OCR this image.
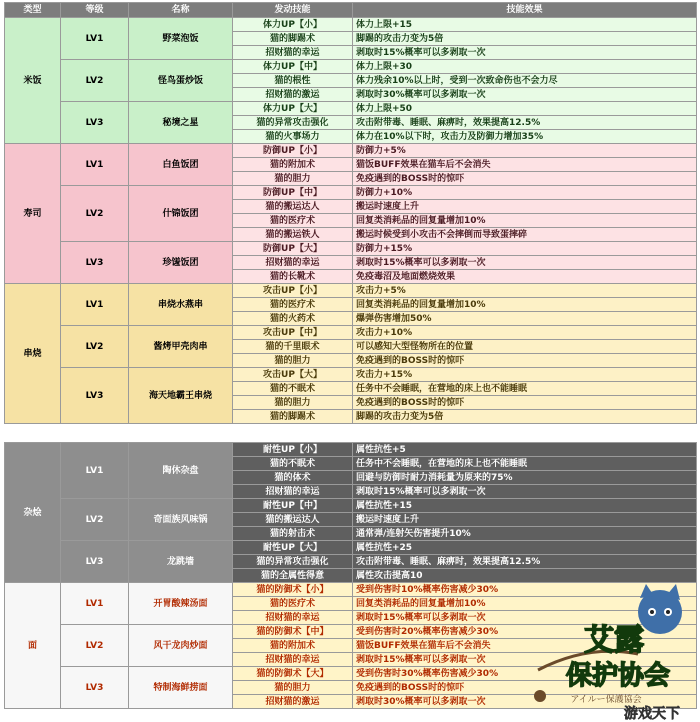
类型	等级	名称	发动技能	技能效果
米饭	LV1	野菜泡饭	体力UP【小】	体力上限+15
			猫的脚踢术	脚踢的攻击力变为5倍
			招财猫的幸运	剥取时15%概率可以多剥取一次
	LV2	怪鸟蛋炒饭	体力UP【中】	体力上限+30
			猫的根性	体力残余10%以上时，受到一次致命伤也不会力尽
			招财猫的激运	剥取时30%概率可以多剥取一次
	LV3	秘境之星	体力UP【大】	体力上限+50
			猫的异常攻击强化	攻击附带毒、睡眠、麻痹时，效果提高12.5%
			猫的火事场力	体力在10%以下时，攻击力及防御力增加35%
寿司	LV1	白鱼饭团	防御UP【小】	防御力+5%
			猫的附加术	猫饭BUFF效果在猫车后不会消失
			猫的胆力	免疫遇到的BOSS时的惊吓
	LV2	什锦饭团	防御UP【中】	防御力+10%
			猫的搬运达人	搬运时速度上升
			猫的医疗术	回复类消耗品的回复量增加10%
			猫的搬运铁人	搬运时候受到小攻击不会摔倒而导致蛋摔碎
	LV3	珍馐饭团	防御UP【大】	防御力+15%
			招财猫的幸运	剥取时15%概率可以多剥取一次
			猫的长靴术	免疫毒沼及地面燃烧效果
串烧	LV1	串烧水燕串	攻击UP【小】	攻击力+5%
			猫的医疗术	回复类消耗品的回复量增加10%
			猫的火药术	爆弹伤害增加50%
	LV2	酱烤甲壳肉串	攻击UP【中】	攻击力+10%
			猫的千里眼术	可以感知大型怪物所在的位置
			猫的胆力	免疫遇到的BOSS时的惊吓
	LV3	海天地霸王串烧	攻击UP【大】	攻击力+15%
			猫的不眠术	任务中不会睡眠，在营地的床上也不能睡眠
			猫的胆力	免疫遇到的BOSS时的惊吓
			猫的脚踢术	脚踢的攻击力变为5倍
杂烩	LV1	陶休杂盘	耐性UP【小】	属性抗性+5
			猫的不眠术	任务中不会睡眠，在营地的床上也不能睡眠
			猫的体术	回避与防御时耐力消耗量为原来的75%
			招财猫的幸运	剥取时15%概率可以多剥取一次
	LV2	奇面族风味锅	耐性UP【中】	属性抗性+15
			猫的搬运达人	搬运时速度上升
			猫的射击术	通常弹/连射矢伤害提升10%
	LV3	龙跳墙	耐性UP【大】	属性抗性+25
			猫的异常攻击强化	攻击附带毒、睡眠、麻痹时，效果提高12.5%
			猫的全属性得意	属性攻击提高10
面	LV1	开胃酸辣汤面	猫的防御术【小】	受到伤害时10%概率伤害减少30%
			猫的医疗术	回复类消耗品的回复量增加10%
			招财猫的幸运	剥取时15%概率可以多剥取一次
	LV2	风干龙肉炒面	猫的防御术【中】	受到伤害时20%概率伤害减少30%
			猫的附加术	猫饭BUFF效果在猫车后不会消失
			招财猫的幸运	剥取时15%概率可以多剥取一次
	LV3	特制海鲜捞面	猫的防御术【大】	受到伤害时30%概率伤害减少30%
			猫的胆力	免疫遇到的BOSS时的惊吓
			招财猫的激运	剥取时30%概率可以多剥取一次
艾露
保护协会
アイルー保護協会
游戏天下
